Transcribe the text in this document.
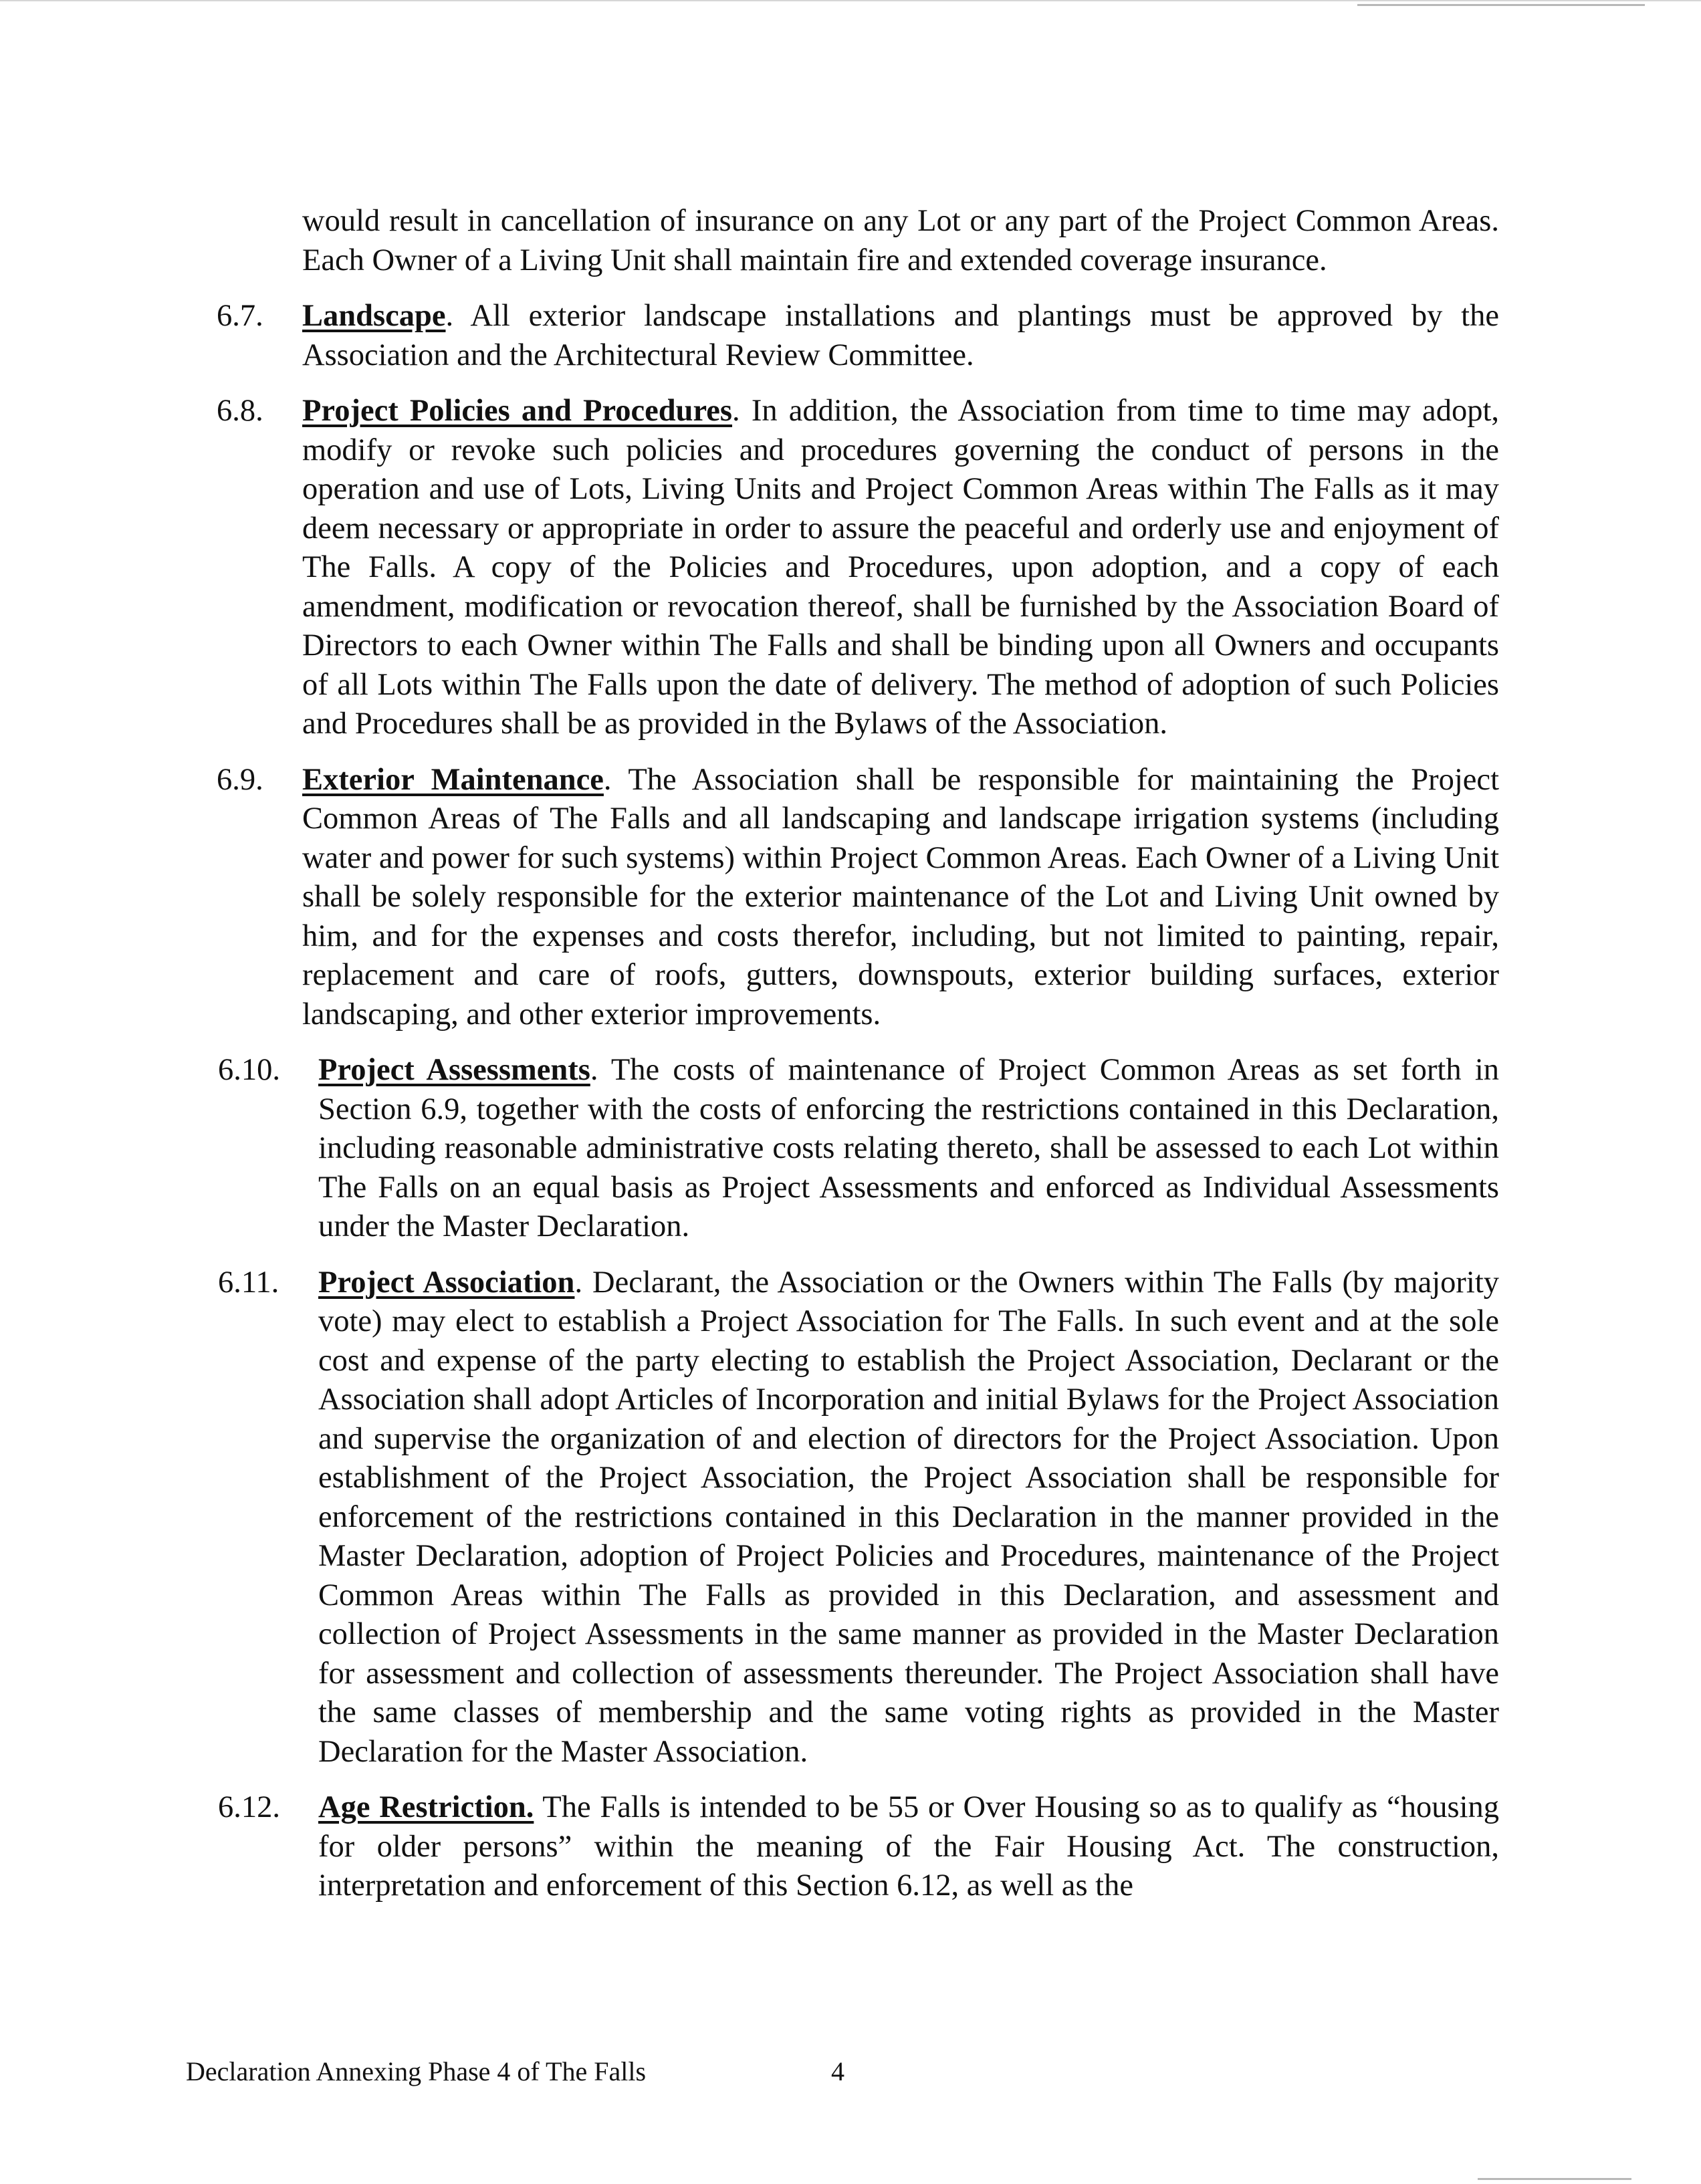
would result in cancellation of insurance on any Lot or any part of the Project Common Areas. Each Owner of a Living Unit shall maintain fire and extended coverage insurance.
6.7. Landscape. All exterior landscape installations and plantings must be approved by the Association and the Architectural Review Committee.
6.8. Project Policies and Procedures. In addition, the Association from time to time may adopt, modify or revoke such policies and procedures governing the conduct of persons in the operation and use of Lots, Living Units and Project Common Areas within The Falls as it may deem necessary or appropriate in order to assure the peaceful and orderly use and enjoyment of The Falls. A copy of the Policies and Procedures, upon adoption, and a copy of each amendment, modification or revocation thereof, shall be furnished by the Association Board of Directors to each Owner within The Falls and shall be binding upon all Owners and occupants of all Lots within The Falls upon the date of delivery. The method of adoption of such Policies and Procedures shall be as provided in the Bylaws of the Association.
6.9. Exterior Maintenance. The Association shall be responsible for maintaining the Project Common Areas of The Falls and all landscaping and landscape irrigation systems (including water and power for such systems) within Project Common Areas. Each Owner of a Living Unit shall be solely responsible for the exterior maintenance of the Lot and Living Unit owned by him, and for the expenses and costs therefor, including, but not limited to painting, repair, replacement and care of roofs, gutters, downspouts, exterior building surfaces, exterior landscaping, and other exterior improvements.
6.10. Project Assessments. The costs of maintenance of Project Common Areas as set forth in Section 6.9, together with the costs of enforcing the restrictions contained in this Declaration, including reasonable administrative costs relating thereto, shall be assessed to each Lot within The Falls on an equal basis as Project Assessments and enforced as Individual Assessments under the Master Declaration.
6.11. Project Association. Declarant, the Association or the Owners within The Falls (by majority vote) may elect to establish a Project Association for The Falls. In such event and at the sole cost and expense of the party electing to establish the Project Association, Declarant or the Association shall adopt Articles of Incorporation and initial Bylaws for the Project Association and supervise the organization of and election of directors for the Project Association. Upon establishment of the Project Association, the Project Association shall be responsible for enforcement of the restrictions contained in this Declaration in the manner provided in the Master Declaration, adoption of Project Policies and Procedures, maintenance of the Project Common Areas within The Falls as provided in this Declaration, and assessment and collection of Project Assessments in the same manner as provided in the Master Declaration for assessment and collection of assessments thereunder. The Project Association shall have the same classes of membership and the same voting rights as provided in the Master Declaration for the Master Association.
6.12. Age Restriction. The Falls is intended to be 55 or Over Housing so as to qualify as “housing for older persons” within the meaning of the Fair Housing Act. The construction, interpretation and enforcement of this Section 6.12, as well as the
Declaration Annexing Phase 4 of The Falls	4
